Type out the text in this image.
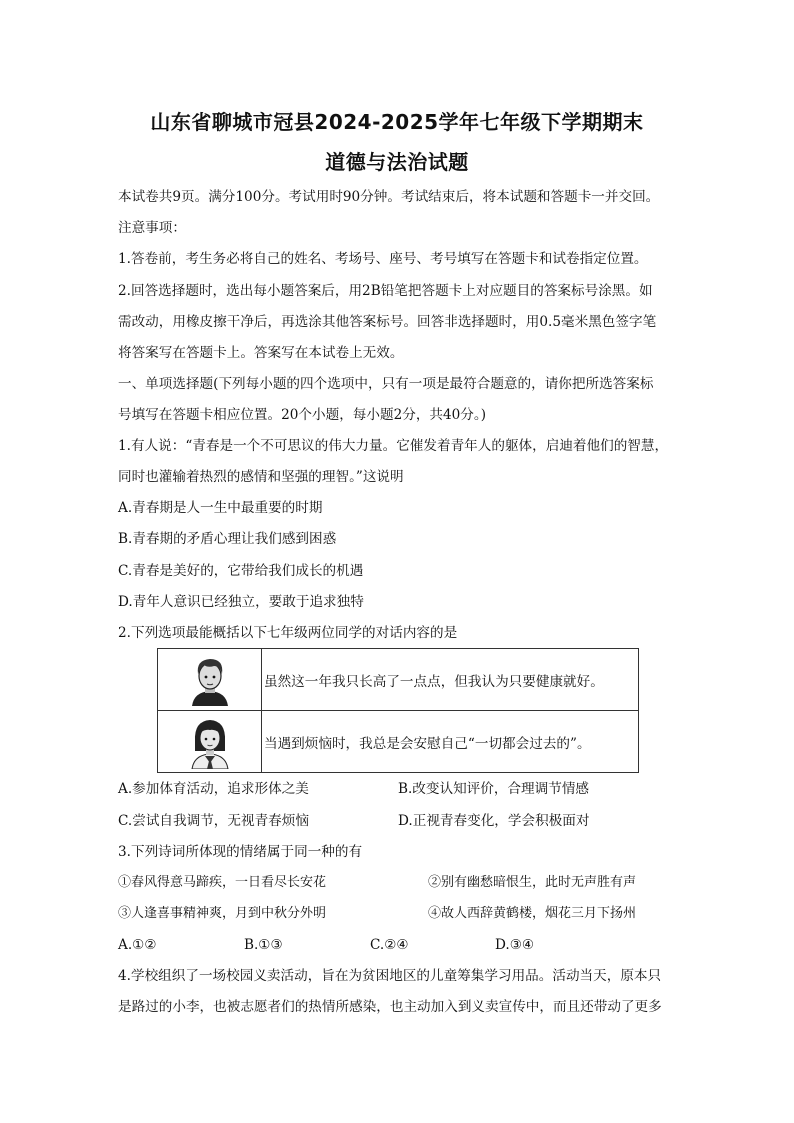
山东省聊城市冠县2024-2025学年七年级下学期期末
道德与法治试题
本试卷共9页。满分100分。考试用时90分钟。考试结束后，将本试题和答题卡一并交回。
注意事项：
1.答卷前，考生务必将自己的姓名、考场号、座号、考号填写在答题卡和试卷指定位置。
2.回答选择题时，选出每小题答案后，用2B铅笔把答题卡上对应题目的答案标号涂黑。如
需改动，用橡皮擦干净后，再选涂其他答案标号。回答非选择题时，用0.5毫米黑色签字笔
将答案写在答题卡上。答案写在本试卷上无效。
一、单项选择题(下列每小题的四个选项中，只有一项是最符合题意的，请你把所选答案标
号填写在答题卡相应位置。20个小题，每小题2分，共40分。)
1.有人说：“青春是一个不可思议的伟大力量。它催发着青年人的躯体，启迪着他们的智慧，
同时也灌输着热烈的感情和坚强的理智。”这说明
A.青春期是人一生中最重要的时期
B.青春期的矛盾心理让我们感到困惑
C.青春是美好的，它带给我们成长的机遇
D.青年人意识已经独立，要敢于追求独特
2.下列选项最能概括以下七年级两位同学的对话内容的是
	虽然这一年我只长高了一点点，但我认为只要健康就好。

	当遇到烦恼时，我总是会安慰自己“一切都会过去的”。
A.参加体育活动，追求形体之美	B.改变认知评价，合理调节情感
C.尝试自我调节，无视青春烦恼	D.正视青春变化，学会积极面对
3.下列诗词所体现的情绪属于同一种的有
①春风得意马蹄疾，一日看尽长安花	②别有幽愁暗恨生，此时无声胜有声
③人逢喜事精神爽，月到中秋分外明	④故人西辞黄鹤楼，烟花三月下扬州
A.①②	B.①③	C.②④	D.③④
4.学校组织了一场校园义卖活动，旨在为贫困地区的儿童筹集学习用品。活动当天，原本只
是路过的小李，也被志愿者们的热情所感染，也主动加入到义卖宣传中，而且还带动了更多
